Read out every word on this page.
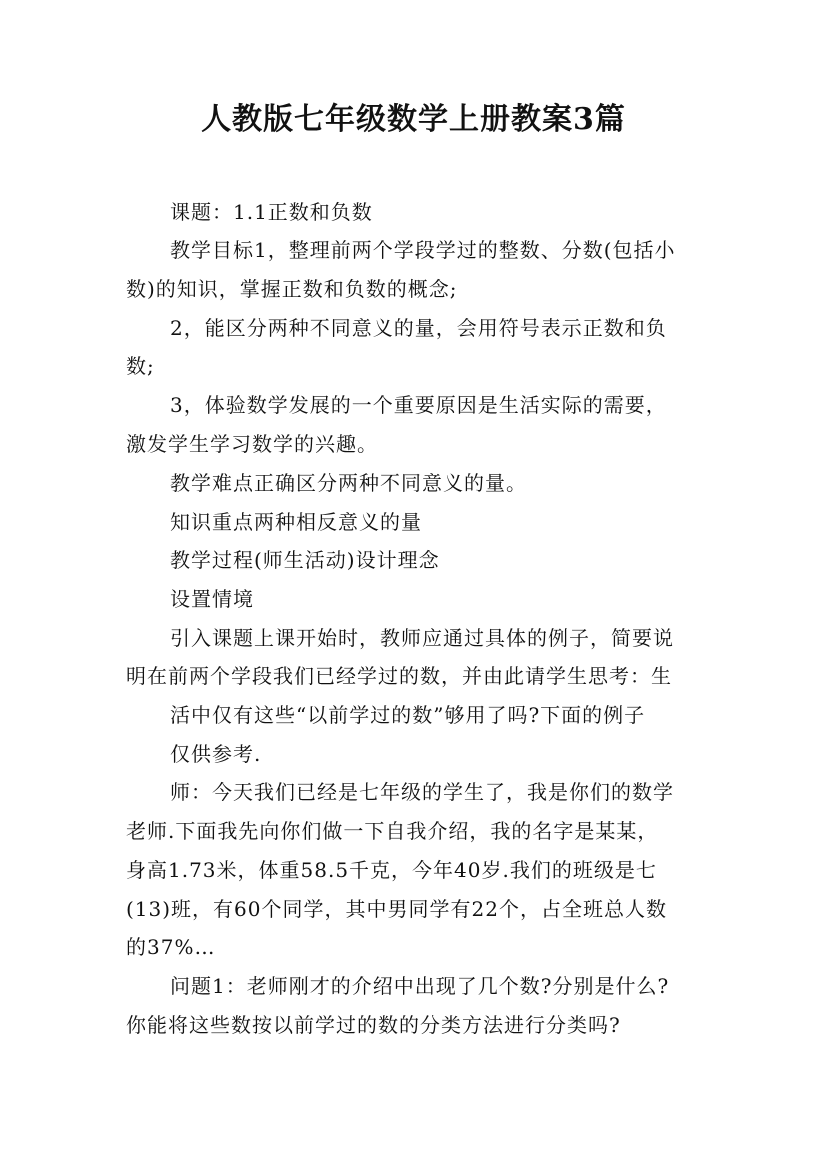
人教版七年级数学上册教案3篇
课题：1.1正数和负数
教学目标1，整理前两个学段学过的整数、分数(包括小
数)的知识，掌握正数和负数的概念;
2，能区分两种不同意义的量，会用符号表示正数和负
数;
3，体验数学发展的一个重要原因是生活实际的需要，
激发学生学习数学的兴趣。
教学难点正确区分两种不同意义的量。
知识重点两种相反意义的量
教学过程(师生活动)设计理念
设置情境
引入课题上课开始时，教师应通过具体的例子，简要说
明在前两个学段我们已经学过的数，并由此请学生思考：生
活中仅有这些“以前学过的数”够用了吗?下面的例子
仅供参考.
师：今天我们已经是七年级的学生了，我是你们的数学
老师.下面我先向你们做一下自我介绍，我的名字是某某，
身高1.73米，体重58.5千克，今年40岁.我们的班级是七
(13)班，有60个同学，其中男同学有22个，占全班总人数
的37%…
问题1：老师刚才的介绍中出现了几个数?分别是什么?
你能将这些数按以前学过的数的分类方法进行分类吗?
